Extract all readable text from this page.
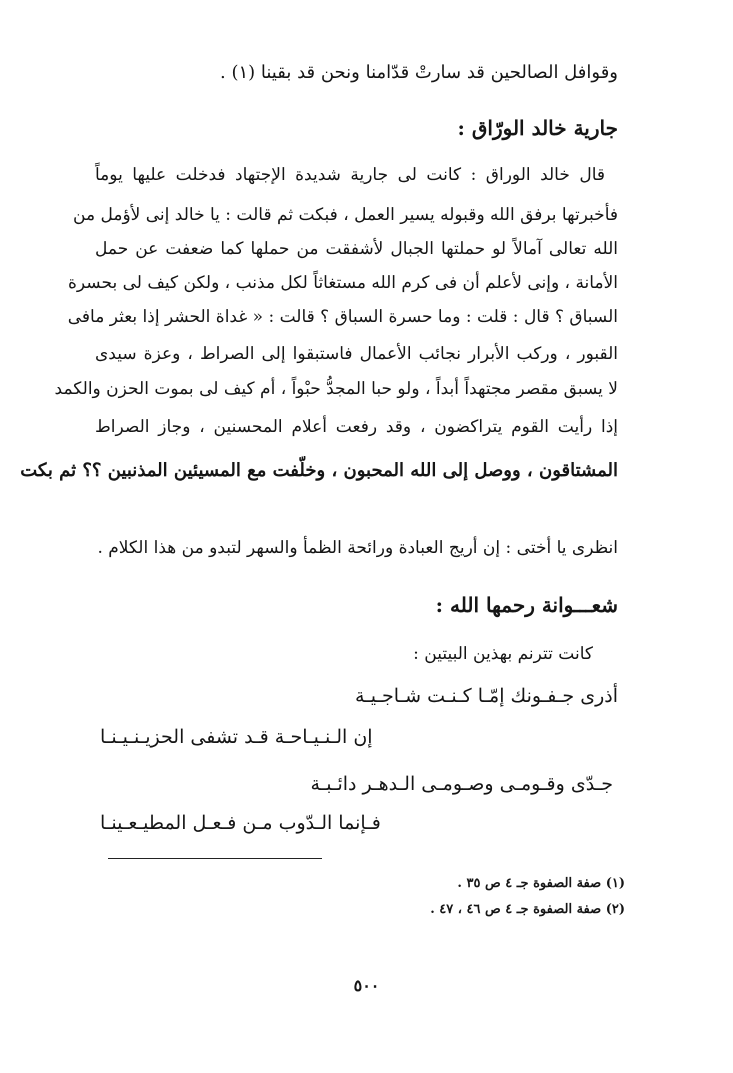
وقوافل الصالحين قد سارتْ قدّامنا ونحن قد بقينا (١) .
جارية خالد الورّاق :
قال خالد الوراق : كانت لى جارية شديدة الإجتهاد فدخلت عليها يوماً
فأخبرتها برفق الله وقبوله يسير العمل ، فبكت ثم قالت : يا خالد إنى لأؤمل من
الله تعالى آمالاً لو حملتها الجبال لأشفقت من حملها كما ضعفت عن حمل
الأمانة ، وإنى لأعلم أن فى كرم الله مستغاثاً لكل مذنب ، ولكن كيف لى بحسرة
السباق ؟ قال : قلت : وما حسرة السباق ؟ قالت : « غداة الحشر إذا بعثر مافى
القبور ، وركب الأبرار نجائب الأعمال فاستبقوا إلى الصراط ، وعزة سيدى
لا يسبق مقصر مجتهداً أبداً ، ولو حبا المجدُّ حبْواً ، أم كيف لى بموت الحزن والكمد
إذا رأيت القوم يتراكضون ، وقد رفعت أعلام المحسنين ، وجاز الصراط
المشتاقون ، ووصل إلى الله المحبون ، وخلّفت مع المسيئين المذنبين ؟؟ ثم بكت
انظرى يا أختى : إن أريج العبادة ورائحة الظمأ والسهر لتبدو من هذا الكلام .
شعـــوانة رحمها الله :
كانت تترنم بهذين البيتين :
أذرى جـفـونك إمّـا كـنـت شـاجـيـة
إن الـنـيـاحـة قـد تشفى الحزيـنـيـنـا
جـدّى وقـومـى وصـومـى الـدهـر دائـبـة
فـإنما الـدّوب مـن فـعـل المطيـعـينـا
(١) صفة الصفوة جـ ٤ ص ٣٥ .
(٢) صفة الصفوة جـ ٤ ص ٤٦ ، ٤٧ .
٥٠٠
